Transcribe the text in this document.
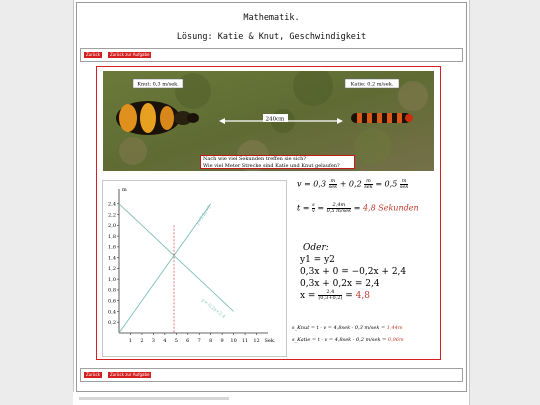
Mathematik.
Lösung: Katie & Knut, Geschwindigkeit
Zurück	Zurück zur Aufgabe
240cm
Knut: 0,3 m/sek.	Katie: 0,2 m/sek.
Nach wie viel Sekunden treffen sie sich?
Wie viel Meter Strecke sind Katie und Knut gelaufen?
1 2 3 4 5 6 7 8 9 10 11 12
0,2
0,4
0,6
0,8
1,0
1,2
1,4
1,6
1,8
2,0
2,2
2,4
Sek.
m
y=0,3x+0
y=-0,2x+2,4
$v = 0,3 \frac{m}{\text{sek}} + 0,2 \frac{m}{\text{sek}} = 0,5 \frac{m}{\text{sek}}$
$t = \frac{s}{v} = \frac{2,4m}{\text{0,5 m/sek}} = 4,8$ Sekunden
Oder:
y1 = y2
0,3x + 0 = −0,2x + 2,4
0,3x + 0,2x = 2,4
$x = \frac{2,4}{(0,3+0,2)} = 4,8$
s_Knut = t · v = 4,8sek · 0,3 m/sek = 1,44m
s_Katie = t · v = 4,8sek · 0,2 m/sek = 0,96m
Zurück	Zurück zur Aufgabe
